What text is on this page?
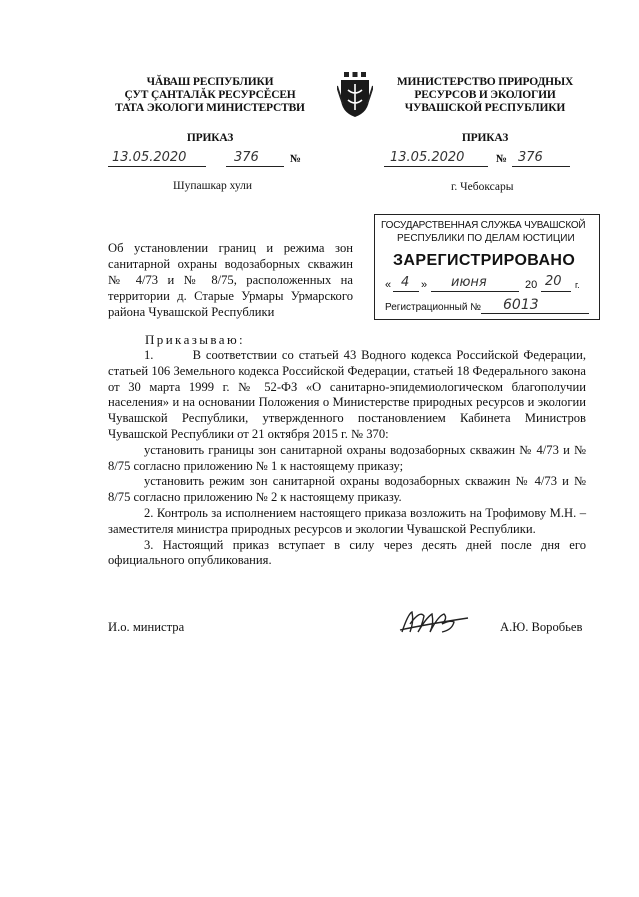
ЧĂВАШ РЕСПУБЛИКИ
ÇУТ ÇАНТАЛĂК РЕСУРСĔСЕН
ТАТА ЭКОЛОГИ МИНИСТЕРСТВИ
МИНИСТЕРСТВО ПРИРОДНЫХ
РЕСУРСОВ И ЭКОЛОГИИ
ЧУВАШСКОЙ РЕСПУБЛИКИ
ПРИКАЗ	ПРИКАЗ
13.05.2020	376	№	13.05.2020	№ 376
Шупашкар хули	г. Чебоксары
Об установлении границ и режима зон санитарной охраны водозаборных скважин № 4/73 и № 8/75, расположенных на территории д. Старые Урмары Урмарского района Чувашской Республики
ГОСУДАРСТВЕННАЯ СЛУЖБА ЧУВАШСКОЙ
РЕСПУБЛИКИ ПО ДЕЛАМ ЮСТИЦИИ
ЗАРЕГИСТРИРОВАНО
« 4 » июня	20 20 г.
Регистрационный № 6013
Приказываю:

1.	В соответствии со статьей 43 Водного кодекса Российской Федерации, статьей 106 Земельного кодекса Российской Федерации, статьей 18 Федерального закона от 30 марта 1999 г. № 52-ФЗ «О санитарно-эпидемиологическом благополучии населения» и на основании Положения о Министерстве природных ресурсов и экологии Чувашской Республики, утвержденного постановлением Кабинета Министров Чувашской Республики от 21 октября 2015 г. № 370:

установить границы зон санитарной охраны водозаборных скважин № 4/73 и № 8/75 согласно приложению № 1 к настоящему приказу;

установить режим зон санитарной охраны водозаборных скважин № 4/73 и № 8/75 согласно приложению № 2 к настоящему приказу.

2. Контроль за исполнением настоящего приказа возложить на Трофимову М.Н. – заместителя министра природных ресурсов и экологии Чувашской Республики.

3. Настоящий приказ вступает в силу через десять дней после дня его официального опубликования.

И.о. министра	А.Ю. Воробьев
